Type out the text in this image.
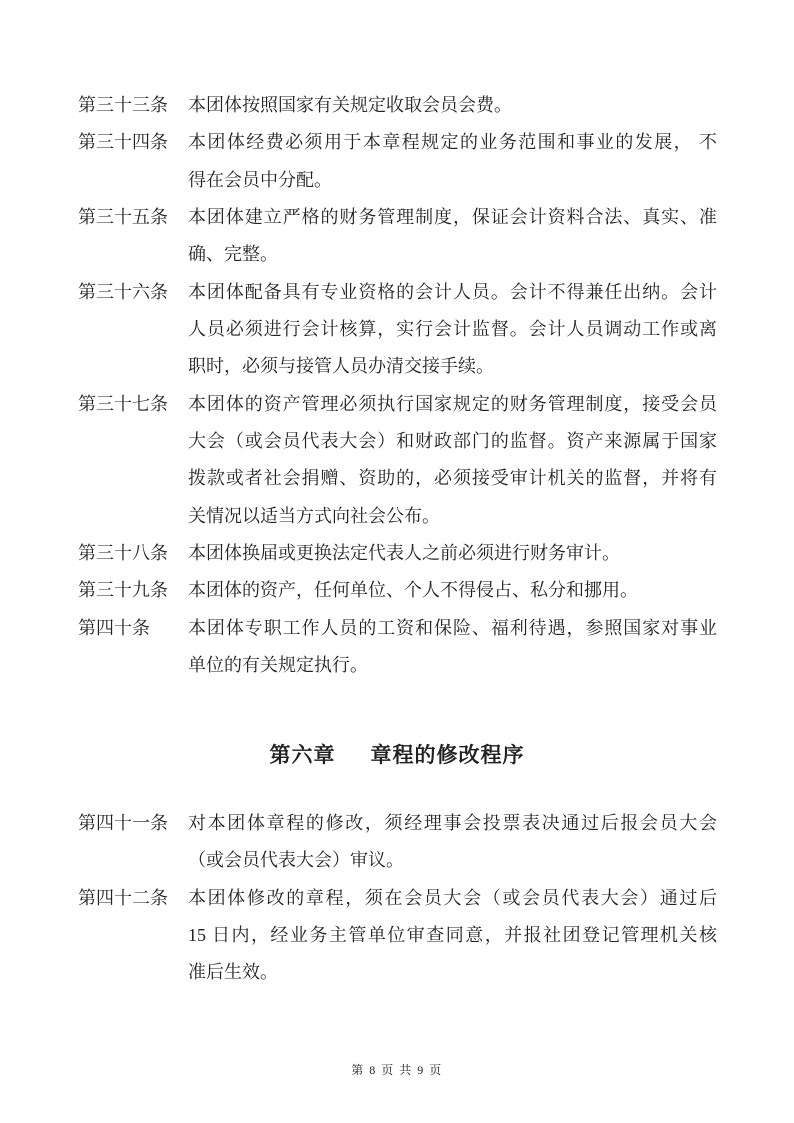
第三十三条	本团体按照国家有关规定收取会员会费。
第三十四条	本团体经费必须用于本章程规定的业务范围和事业的发展， 不
得在会员中分配。
第三十五条	本团体建立严格的财务管理制度，保证会计资料合法、真实、准
确、完整。
第三十六条	本团体配备具有专业资格的会计人员。会计不得兼任出纳。会计
人员必须进行会计核算，实行会计监督。会计人员调动工作或离
职时，必须与接管人员办清交接手续。
第三十七条	本团体的资产管理必须执行国家规定的财务管理制度，接受会员
大会（或会员代表大会）和财政部门的监督。资产来源属于国家
拨款或者社会捐赠、资助的，必须接受审计机关的监督，并将有
关情况以适当方式向社会公布。
第三十八条	本团体换届或更换法定代表人之前必须进行财务审计。
第三十九条	本团体的资产，任何单位、个人不得侵占、私分和挪用。
第四十条	本团体专职工作人员的工资和保险、福利待遇，参照国家对事业
单位的有关规定执行。
第六章 章程的修改程序
第四十一条	对本团体章程的修改，须经理事会投票表决通过后报会员大会
（或会员代表大会）审议。
第四十二条	本团体修改的章程，须在会员大会（或会员代表大会）通过后
15 日内，经业务主管单位审查同意，并报社团登记管理机关核
准后生效。
第 8 页 共 9 页
